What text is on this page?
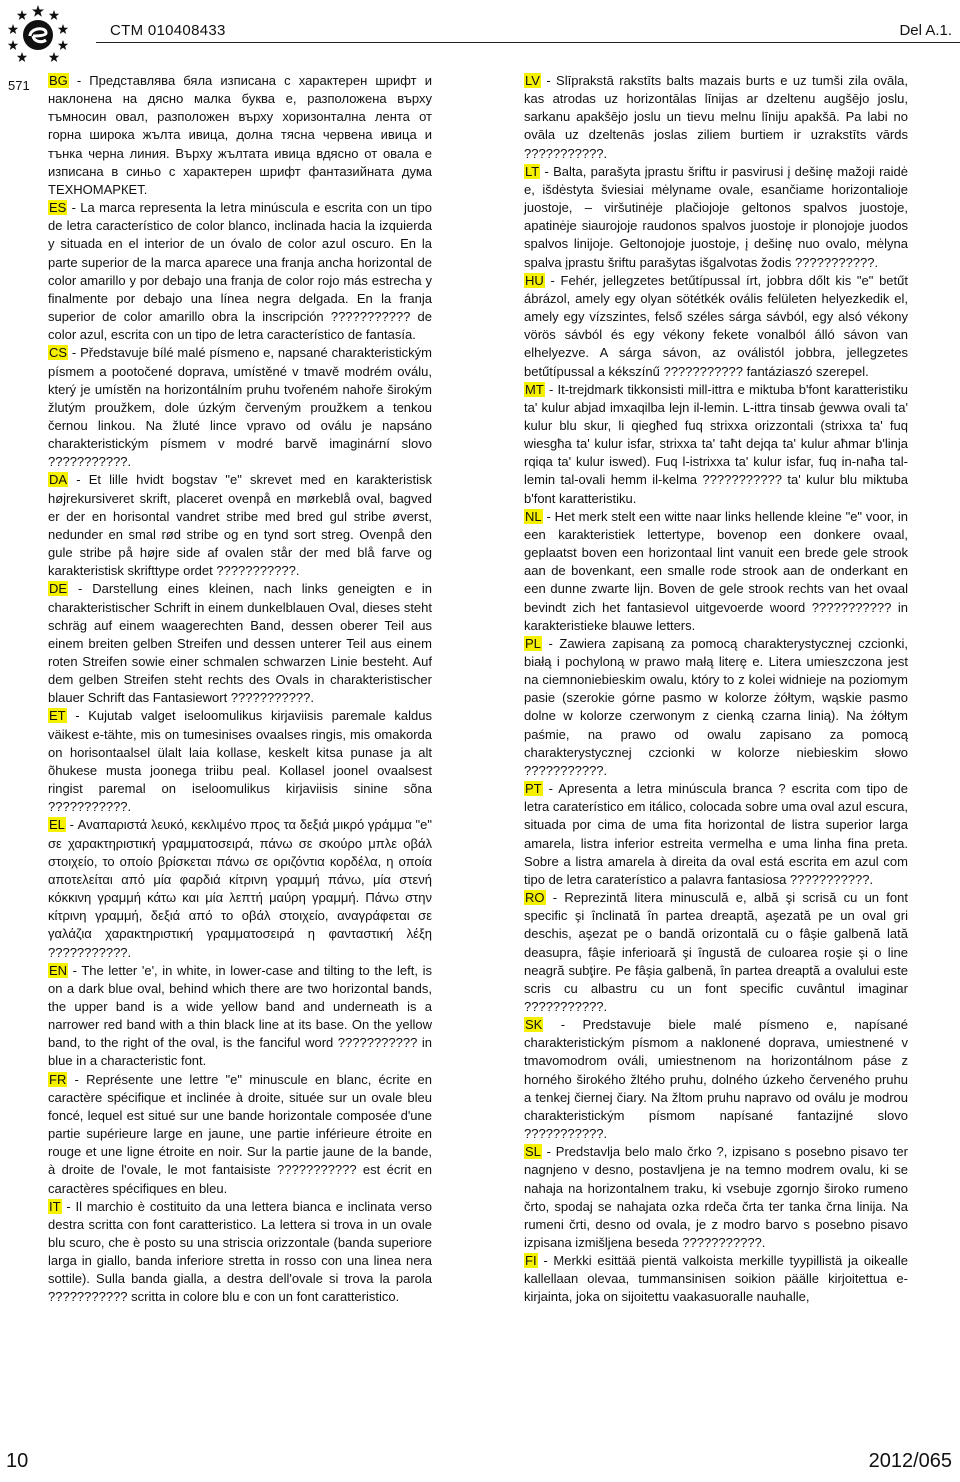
CTM 010408433	Del A.1.
571 BG - Представлява бяла изписана с характерен шрифт и наклонена на дясно малка буква е, разположена върху тъмносин овал, разположен върху хоризонтална лента от горна широка жълта ивица, долна тясна червена ивица и тънка черна линия. Върху жълтата ивица вдясно от овала е изписана в синьо с характерен шрифт фантазийната дума ТЕХНОМАРКЕТ.

ES - La marca representa la letra minúscula e escrita con un tipo de letra característico de color blanco, inclinada hacia la izquierda y situada en el interior de un óvalo de color azul oscuro. En la parte superior de la marca aparece una franja ancha horizontal de color amarillo y por debajo una franja de color rojo más estrecha y finalmente por debajo una línea negra delgada. En la franja superior de color amarillo obra la inscripción ??????????? de color azul, escrita con un tipo de letra característico de fantasía.

CS - Představuje bílé malé písmeno e, napsané charakteristickým písmem a pootočené doprava, umístěné v tmavě modrém oválu, který je umístěn na horizontálním pruhu tvořeném nahoře širokým žlutým proužkem, dole úzkým červeným proužkem a tenkou černou linkou. Na žluté lince vpravo od oválu je napsáno charakteristickým písmem v modré barvě imaginární slovo ???????????.

DA - Et lille hvidt bogstav "e" skrevet med en karakteristisk højrekursiveret skrift, placeret ovenpå en mørkeblå oval, bagved er der en horisontal vandret stribe med bred gul stribe øverst, nedunder en smal rød stribe og en tynd sort streg. Ovenpå den gule stribe på højre side af ovalen står der med blå farve og karakteristisk skrifttype ordet ???????????.

DE - Darstellung eines kleinen, nach links geneigten e in charakteristischer Schrift in einem dunkelblauen Oval, dieses steht schräg auf einem waagerechten Band, dessen oberer Teil aus einem breiten gelben Streifen und dessen unterer Teil aus einem roten Streifen sowie einer schmalen schwarzen Linie besteht. Auf dem gelben Streifen steht rechts des Ovals in charakteristischer blauer Schrift das Fantasiewort ???????????.

ET - Kujutab valget iseloomulikus kirjaviisis paremale kaldus väikest e-tähte, mis on tumesinises ovaalses ringis, mis omakorda on horisontaalsel ülalt laia kollase, keskelt kitsa punase ja alt õhukese musta joonega triibu peal. Kollasel joonel ovaalsest ringist paremal on iseloomulikus kirjaviisis sinine sõna ???????????.

EL - Αναπαριστά λευκό, κεκλιμένο προς τα δεξιά μικρό γράμμα "e" σε χαρακτηριστική γραμματοσειρά, πάνω σε σκούρο μπλε οβάλ στοιχείο, το οποίο βρίσκεται πάνω σε οριζόντια κορδέλα, η οποία αποτελείται από μία φαρδιά κίτρινη γραμμή πάνω, μία στενή κόκκινη γραμμή κάτω και μία λεπτή μαύρη γραμμή. Πάνω στην κίτρινη γραμμή, δεξιά από το οβάλ στοιχείο, αναγράφεται σε γαλάζια χαρακτηριστική γραμματοσειρά η φανταστική λέξη ???????????.

EN - The letter 'e', in white, in lower-case and tilting to the left, is on a dark blue oval, behind which there are two horizontal bands, the upper band is a wide yellow band and underneath is a narrower red band with a thin black line at its base. On the yellow band, to the right of the oval, is the fanciful word ??????????? in blue in a characteristic font.

FR - Représente une lettre "e" minuscule en blanc, écrite en caractère spécifique et inclinée à droite, située sur un ovale bleu foncé, lequel est situé sur une bande horizontale composée d'une partie supérieure large en jaune, une partie inférieure étroite en rouge et une ligne étroite en noir. Sur la partie jaune de la bande, à droite de l'ovale, le mot fantaisiste ??????????? est écrit en caractères spécifiques en bleu.

IT - Il marchio è costituito da una lettera bianca e inclinata verso destra scritta con font caratteristico. La lettera si trova in un ovale blu scuro, che è posto su una striscia orizzontale (banda superiore larga in giallo, banda inferiore stretta in rosso con una linea nera sottile). Sulla banda gialla, a destra dell'ovale si trova la parola ??????????? scritta in colore blu e con un font caratteristico.

LV - Slīprakstā rakstīts balts mazais burts e uz tumši zila ovāla, kas atrodas uz horizontālas līnijas ar dzeltenu augšējo joslu, sarkanu apakšējo joslu un tievu melnu līniju apakšā. Pa labi no ovāla uz dzeltenās joslas ziliem burtiem ir uzrakstīts vārds ???????????.

LT - Balta, parašyta įprastu šriftu ir pasvirusi į dešinę mažoji raidė e, išdėstyta šviesiai mėlyname ovale, esančiame horizontalioje juostoje, – viršutinėje plačiojoje geltonos spalvos juostoje, apatinėje siaurojoje raudonos spalvos juostoje ir plonojoje juodos spalvos linijoje. Geltonojoje juostoje, į dešinę nuo ovalo, mėlyna spalva įprastu šriftu parašytas išgalvotas žodis ???????????.

HU - Fehér, jellegzetes betűtípussal írt, jobbra dőlt kis "e" betűt ábrázol, amely egy olyan sötétkék ovális felületen helyezkedik el, amely egy vízszintes, felső széles sárga sávból, egy alsó vékony vörös sávból és egy vékony fekete vonalból álló sávon van elhelyezve. A sárga sávon, az oválistól jobbra, jellegzetes betűtípussal a kékszínű ??????????? fantáziaszó szerepel.

MT - It-trejdmark tikkonsisti mill-ittra e miktuba b'font karatteristiku ta' kulur abjad imxaqilba lejn il-lemin. L-ittra tinsab ġewwa ovali ta' kulur blu skur, li qiegħed fuq strixxa orizzontali (strixxa ta' fuq wiesgħa ta' kulur isfar, strixxa ta' taħt dejqa ta' kulur aħmar b'linja rqiqa ta' kulur iswed). Fuq l-istrixxa ta' kulur isfar, fuq in-naħa tal-lemin tal-ovali hemm il-kelma ??????????? ta' kulur blu miktuba b'font karatteristiku.

NL - Het merk stelt een witte naar links hellende kleine "e" voor, in een karakteristiek lettertype, bovenop een donkere ovaal, geplaatst boven een horizontaal lint vanuit een brede gele strook aan de bovenkant, een smalle rode strook aan de onderkant en een dunne zwarte lijn. Boven de gele strook rechts van het ovaal bevindt zich het fantasievol uitgevoerde woord ??????????? in karakteristieke blauwe letters.

PL - Zawiera zapisaną za pomocą charakterystycznej czcionki, białą i pochyloną w prawo małą literę e. Litera umieszczona jest na ciemnoniebieskim owalu, który to z kolei widnieje na poziomym pasie (szerokie górne pasmo w kolorze żółtym, wąskie pasmo dolne w kolorze czerwonym z cienką czarna linią). Na żółtym paśmie, na prawo od owalu zapisano za pomocą charakterystycznej czcionki w kolorze niebieskim słowo ???????????.

PT - Apresenta a letra minúscula branca ? escrita com tipo de letra caraterístico em itálico, colocada sobre uma oval azul escura, situada por cima de uma fita horizontal de listra superior larga amarela, listra inferior estreita vermelha e uma linha fina preta. Sobre a listra amarela à direita da oval está escrita em azul com tipo de letra caraterístico a palavra fantasiosa ???????????.

RO - Reprezintă litera minusculă e, albă şi scrisă cu un font specific şi înclinată în partea dreaptă, aşezată pe un oval gri deschis, aşezat pe o bandă orizontală cu o fâşie galbenă lată deasupra, fâşie inferioară şi îngustă de culoarea roşie şi o line neagră subţire. Pe fâşia galbenă, în partea dreaptă a ovalului este scris cu albastru cu un font specific cuvântul imaginar ???????????.

SK - Predstavuje biele malé písmeno e, napísané charakteristickým písmom a naklonené doprava, umiestnené v tmavomodrom ováli, umiestnenom na horizontálnom páse z horného širokého žltého pruhu, dolného úzkeho červeného pruhu a tenkej čiernej čiary. Na žltom pruhu napravo od oválu je modrou charakteristickým písmom napísané fantazijné slovo ???????????.

SL - Predstavlja belo malo črko ?, izpisano s posebno pisavo ter nagnjeno v desno, postavljena je na temno modrem ovalu, ki se nahaja na horizontalnem traku, ki vsebuje zgornjo široko rumeno črto, spodaj se nahajata ozka rdeča črta ter tanka črna linija. Na rumeni črti, desno od ovala, je z modro barvo s posebno pisavo izpisana izmišljena beseda ???????????.

FI - Merkki esittää pientä valkoista merkille tyypillistä ja oikealle kallellaan olevaa, tummansinisen soikion päälle kirjoitettua e-kirjainta, joka on sijoitettu vaakasuoralle nauhalle,

10	2012/065
